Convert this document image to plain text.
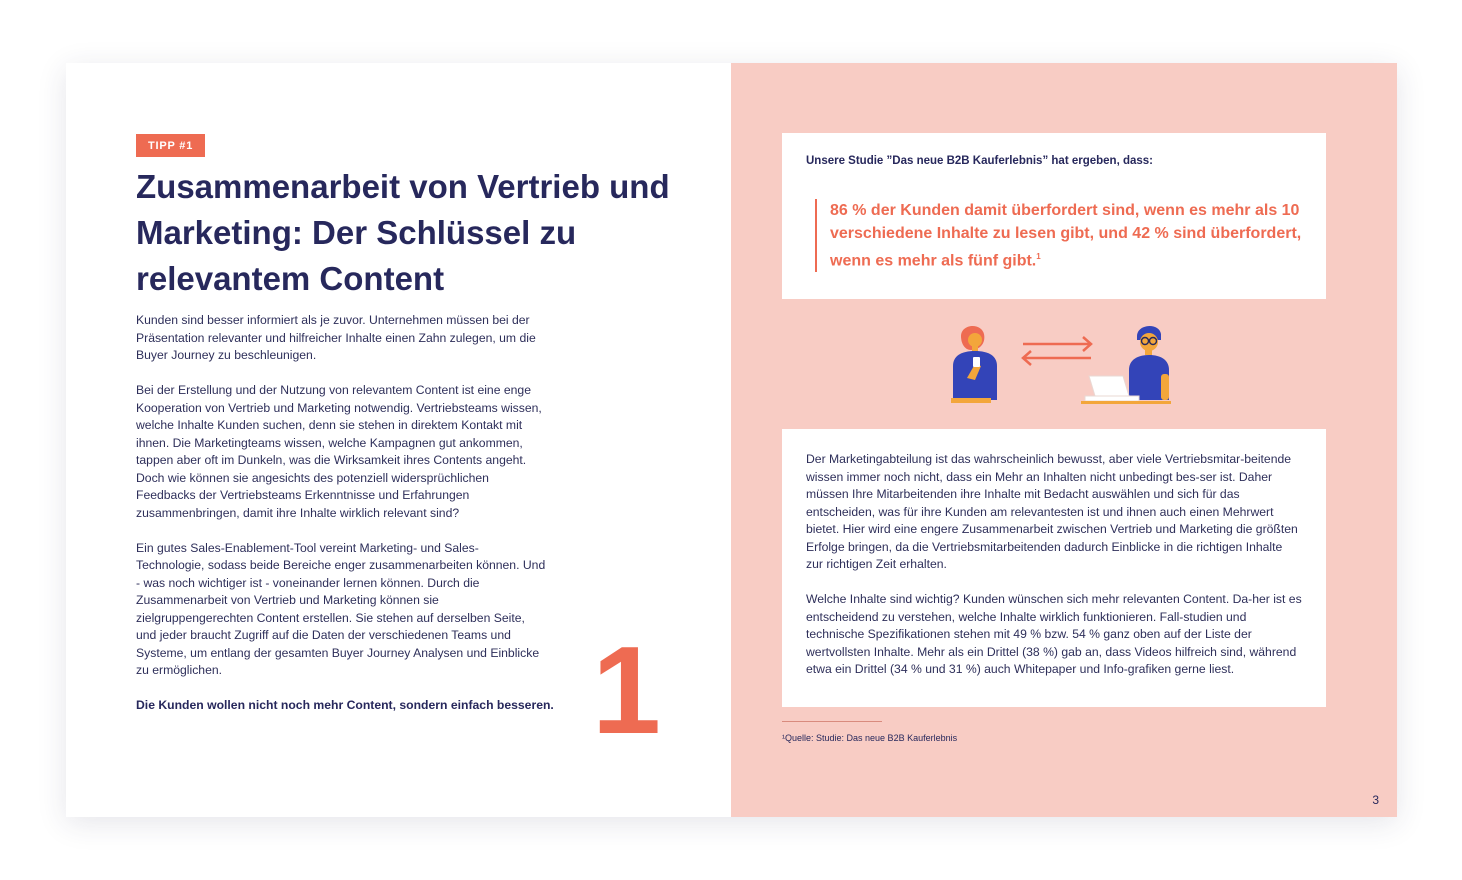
TIPP #1
Zusammenarbeit von Vertrieb und Marketing: Der Schlüssel zu relevantem Content

Kunden sind besser informiert als je zuvor. Unternehmen müssen bei der Präsentation relevanter und hilfreicher Inhalte einen Zahn zulegen, um die Buyer Journey zu beschleunigen.

Bei der Erstellung und der Nutzung von relevantem Content ist eine enge Kooperation von Vertrieb und Marketing notwendig. Vertriebsteams wissen, welche Inhalte Kunden suchen, denn sie stehen in direktem Kontakt mit ihnen. Die Marketingteams wissen, welche Kampagnen gut ankommen, tappen aber oft im Dunkeln, was die Wirksamkeit ihres Contents angeht. Doch wie können sie angesichts des potenziell widersprüchlichen Feedbacks der Vertriebsteams Erkenntnisse und Erfahrungen zusammenbringen, damit ihre Inhalte wirklich relevant sind?

Ein gutes Sales-Enablement-Tool vereint Marketing- und Sales-Technologie, sodass beide Bereiche enger zusammenarbeiten können. Und - was noch wichtiger ist - voneinander lernen können. Durch die Zusammenarbeit von Vertrieb und Marketing können sie zielgruppengerechten Content erstellen. Sie stehen auf derselben Seite, und jeder braucht Zugriff auf die Daten der verschiedenen Teams und Systeme, um entlang der gesamten Buyer Journey Analysen und Einblicke zu ermöglichen.

Die Kunden wollen nicht noch mehr Content, sondern einfach besseren. 1
Unsere Studie ”Das neue B2B Kauferlebnis” hat ergeben, dass:
86 % der Kunden damit überfordert sind, wenn es mehr als 10 verschiedene Inhalte zu lesen gibt, und 42 % sind überfordert, wenn es mehr als fünf gibt.$^1$

Der Marketingabteilung ist das wahrscheinlich bewusst, aber viele Vertriebsmitar-beitende wissen immer noch nicht, dass ein Mehr an Inhalten nicht unbedingt bes-ser ist. Daher müssen Ihre Mitarbeitenden ihre Inhalte mit Bedacht auswählen und sich für das entscheiden, was für ihre Kunden am relevantesten ist und ihnen auch einen Mehrwert bietet. Hier wird eine engere Zusammenarbeit zwischen Vertrieb und Marketing die größten Erfolge bringen, da die Vertriebsmitarbeitenden dadurch Einblicke in die richtigen Inhalte zur richtigen Zeit erhalten.

Welche Inhalte sind wichtig? Kunden wünschen sich mehr relevanten Content. Da-her ist es entscheidend zu verstehen, welche Inhalte wirklich funktionieren. Fall-studien und technische Spezifikationen stehen mit 49 % bzw. 54 % ganz oben auf der Liste der wertvollsten Inhalte. Mehr als ein Drittel (38 %) gab an, dass Videos hilfreich sind, während etwa ein Drittel (34 % und 31 %) auch Whitepaper und Info-grafiken gerne liest.

¹Quelle: Studie: Das neue B2B Kauferlebnis
3
